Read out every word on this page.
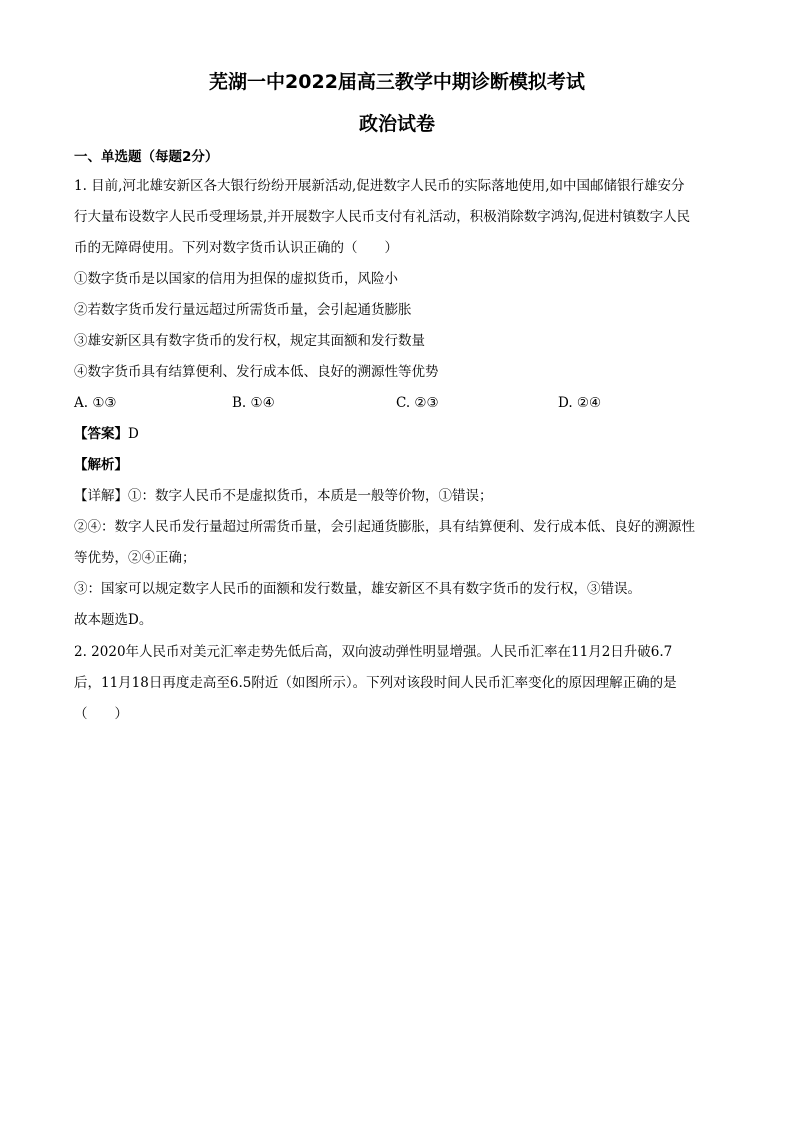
芜湖一中2022届高三教学中期诊断模拟考试
政治试卷
一、单选题（每题2分）
1. 目前,河北雄安新区各大银行纷纷开展新活动,促进数字人民币的实际落地使用,如中国邮储银行雄安分
行大量布设数字人民币受理场景,并开展数字人民币支付有礼活动，积极消除数字鸿沟,促进村镇数字人民
币的无障碍使用。下列对数字货币认识正确的（　　）
①数字货币是以国家的信用为担保的虚拟货币，风险小
②若数字货币发行量远超过所需货币量，会引起通货膨胀
③雄安新区具有数字货币的发行权，规定其面额和发行数量
④数字货币具有结算便利、发行成本低、良好的溯源性等优势
A. ①③	B. ①④	C. ②③	D. ②④
【答案】D
【解析】
【详解】①：数字人民币不是虚拟货币，本质是一般等价物，①错误；
②④：数字人民币发行量超过所需货币量，会引起通货膨胀，具有结算便利、发行成本低、良好的溯源性
等优势，②④正确；
③：国家可以规定数字人民币的面额和发行数量，雄安新区不具有数字货币的发行权，③错误。
故本题选D。
2. 2020年人民币对美元汇率走势先低后高，双向波动弹性明显增强。人民币汇率在11月2日升破6.7
后，11月18日再度走高至6.5附近（如图所示）。下列对该段时间人民币汇率变化的原因理解正确的是
（　　）
